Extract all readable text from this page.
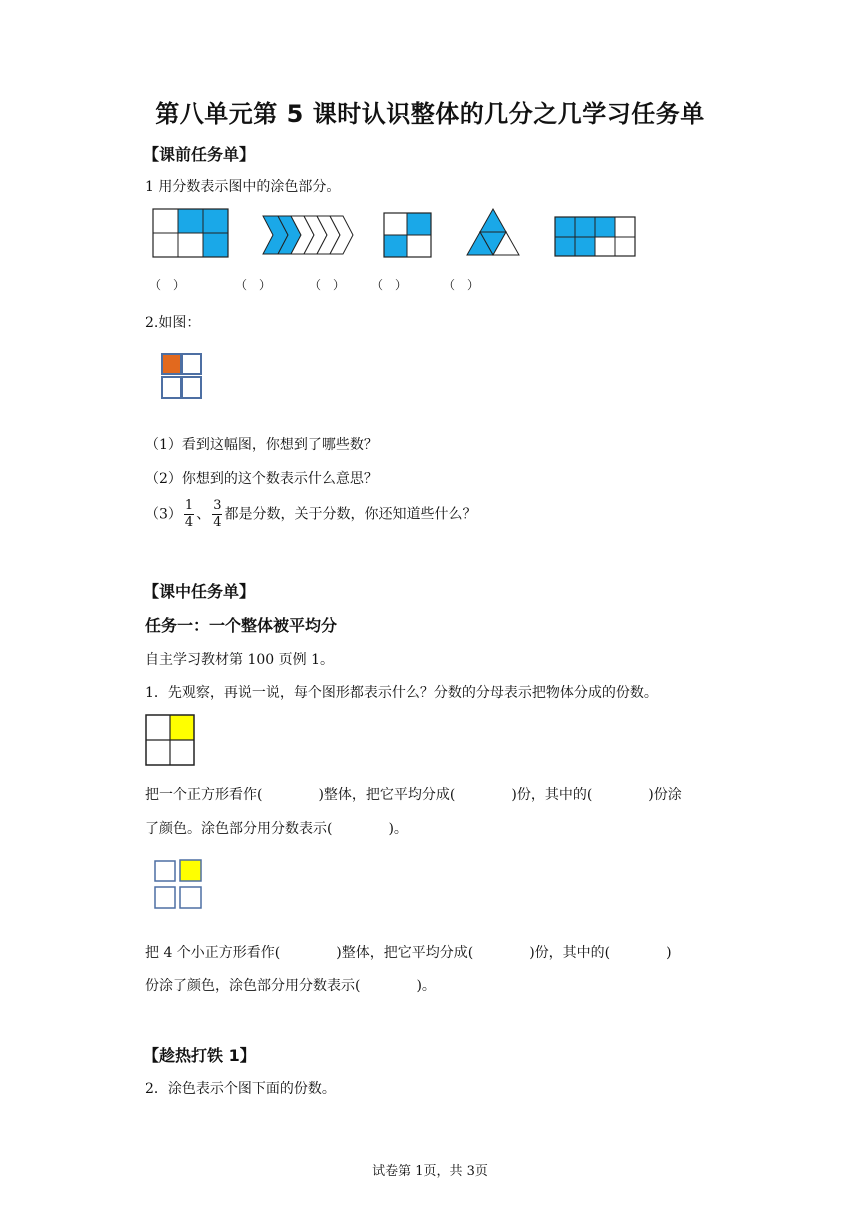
第八单元第 5 课时认识整体的几分之几学习任务单
【课前任务单】
1 用分数表示图中的涂色部分。
（　）	（　）	（　） （　）	（　）
2.如图：
（1）看到这幅图，你想到了哪些数？
（2）你想到的这个数表示什么意思？
$(3) \frac{1}{4}$ 、 $\frac{3}{4}$ 都是分数，关于分数，你还知道些什么？
【课中任务单】
任务一：一个整体被平均分
自主学习教材第 100 页例 1。
1．先观察，再说一说，每个图形都表示什么？分数的分母表示把物体分成的份数。
把一个正方形看作(　　　　)整体，把它平均分成(　　　　)份，其中的(　　　　)份涂
了颜色。涂色部分用分数表示(　　　　)。
把 4 个小正方形看作(　　　　)整体，把它平均分成(　　　　)份，其中的(　　　　)
份涂了颜色，涂色部分用分数表示(　　　　)。
【趁热打铁 1】
2．涂色表示个图下面的份数。
试卷第 1页，共 3页
